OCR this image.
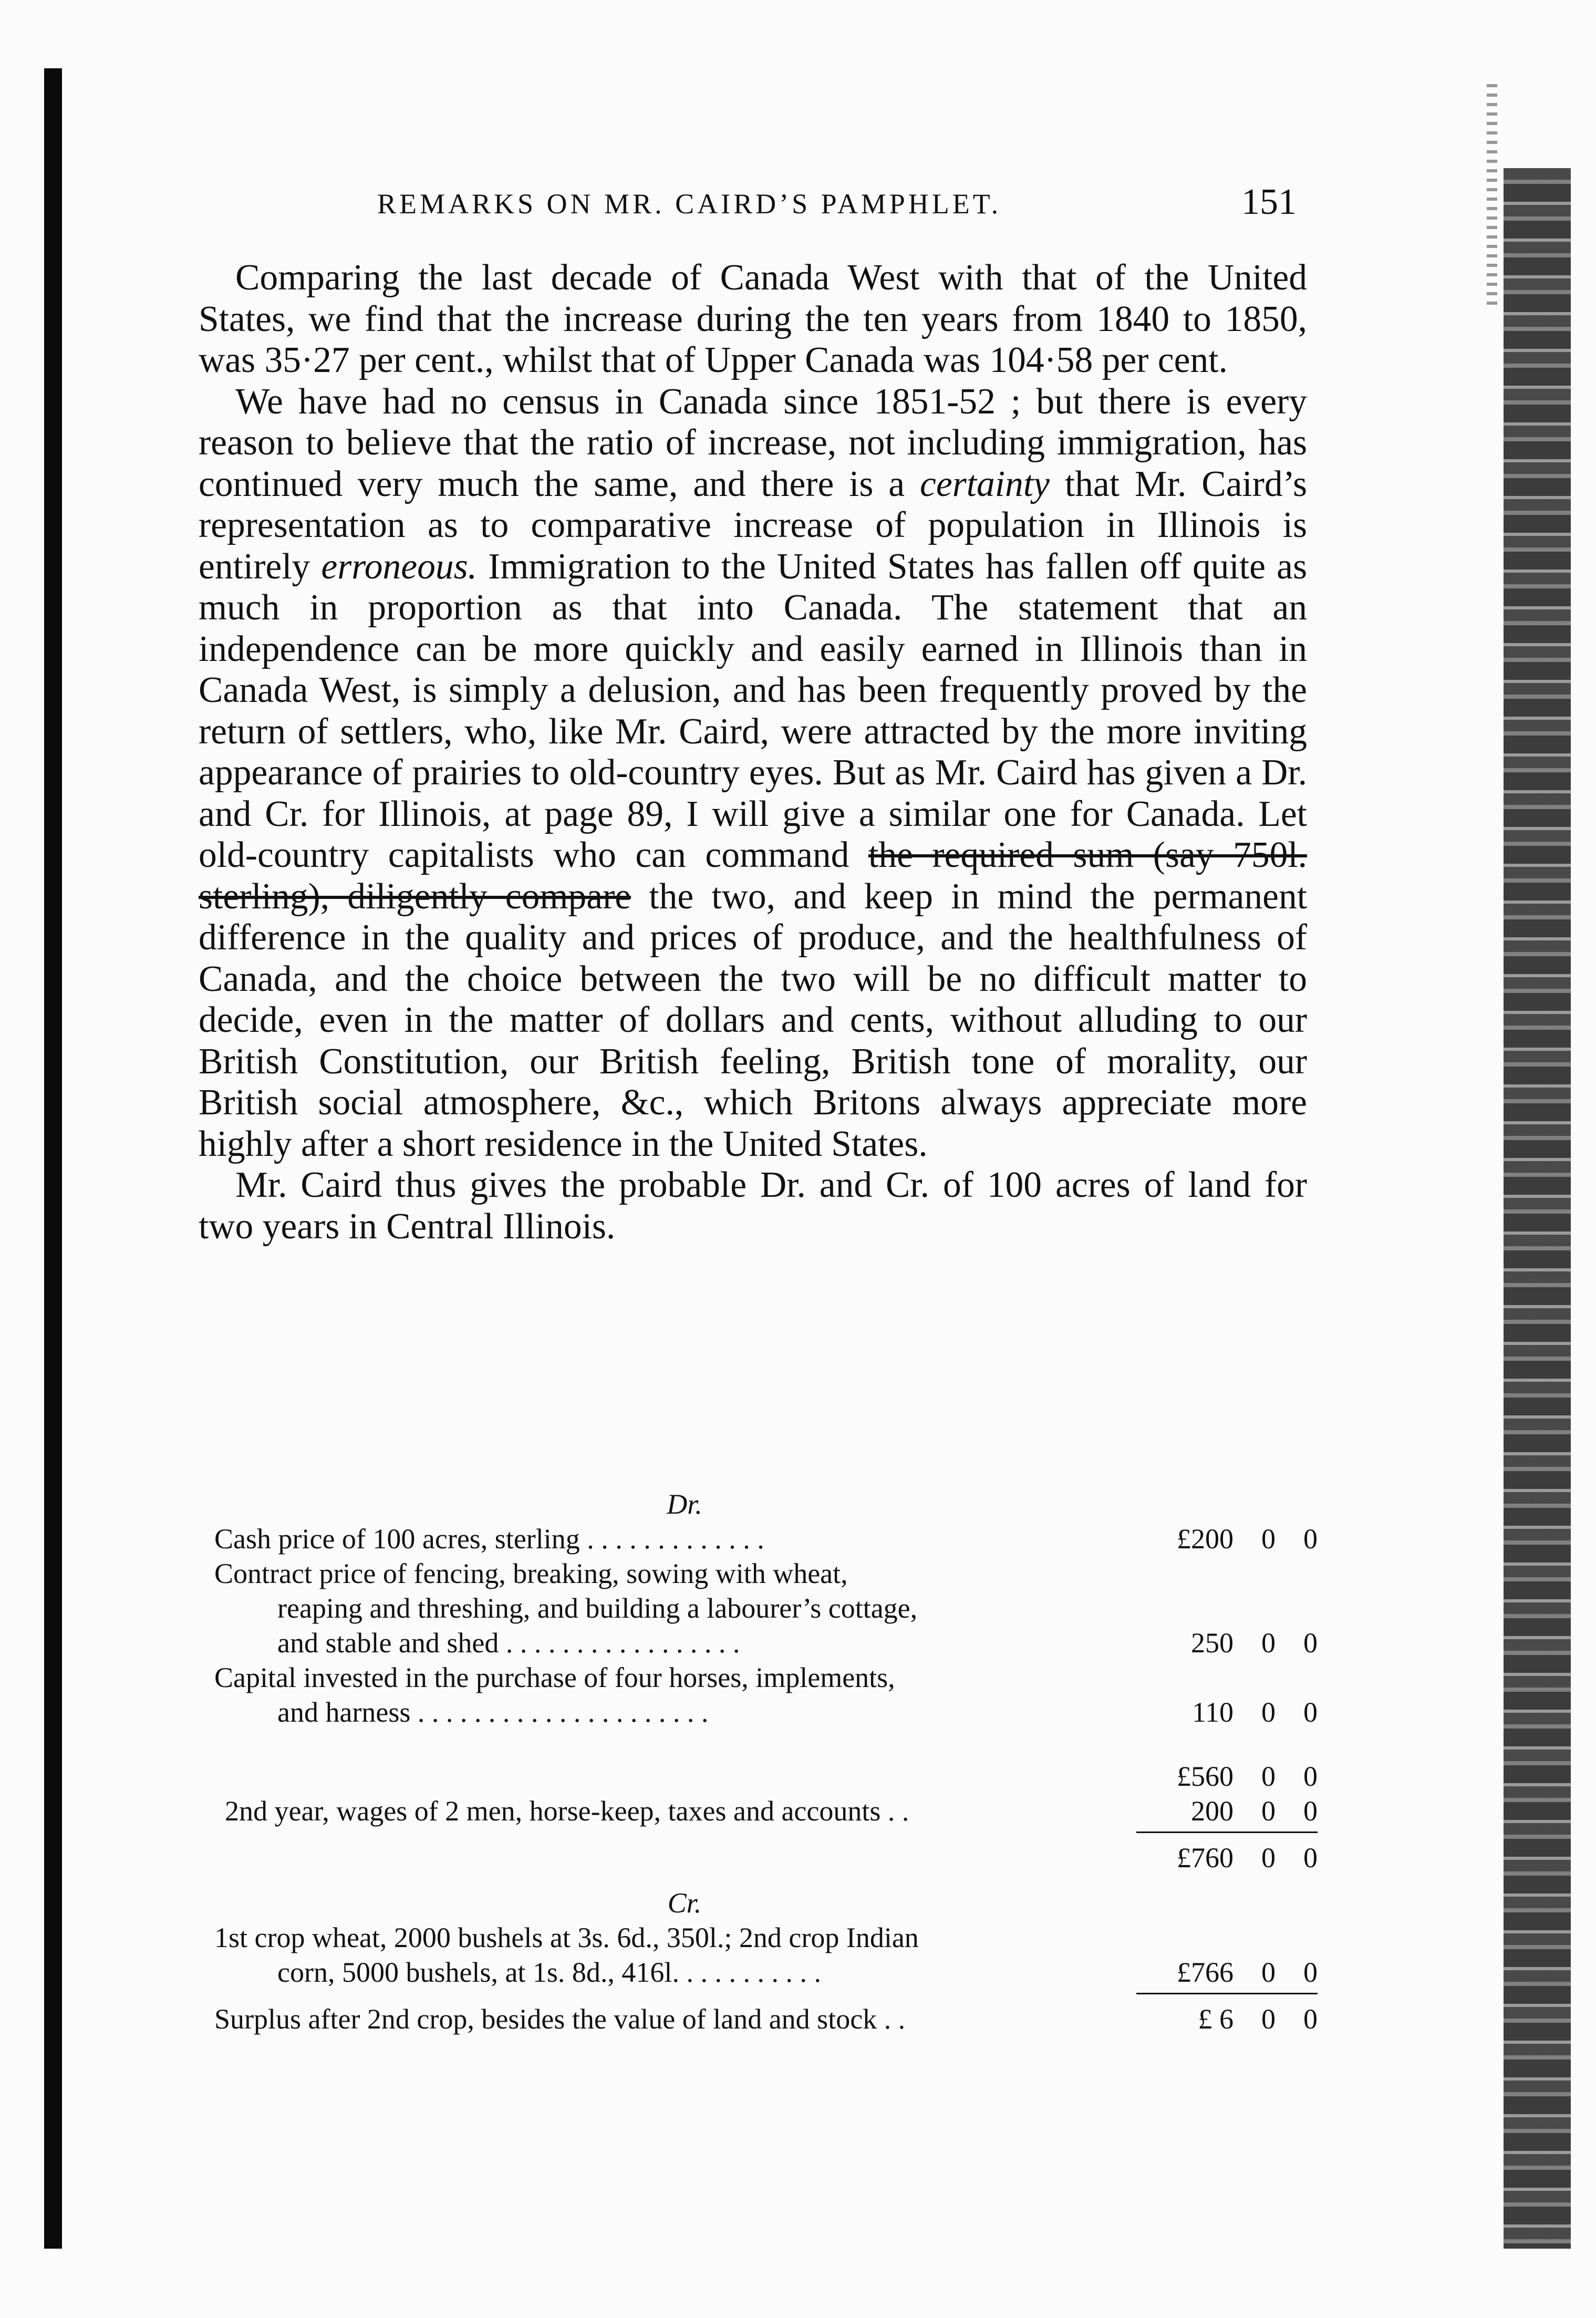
REMARKS ON MR. CAIRD’S PAMPHLET.	151

Comparing the last decade of Canada West with that of the United States, we find that the increase during the ten years from 1840 to 1850, was 35·27 per cent., whilst that of Upper Canada was 104·58 per cent.

We have had no census in Canada since 1851-52 ; but there is every reason to believe that the ratio of increase, not including immigration, has continued very much the same, and there is a certainty that Mr. Caird’s representation as to comparative increase of population in Illinois is entirely erroneous. Immigration to the United States has fallen off quite as much in proportion as that into Canada. The statement that an independence can be more quickly and easily earned in Illinois than in Canada West, is simply a delusion, and has been frequently proved by the return of settlers, who, like Mr. Caird, were attracted by the more inviting appearance of prairies to old-country eyes. But as Mr. Caird has given a Dr. and Cr. for Illinois, at page 89, I will give a similar one for Canada. Let old-country capitalists who can command the required sum (say 750l. sterling), diligently compare the two, and keep in mind the permanent difference in the quality and prices of produce, and the healthfulness of Canada, and the choice between the two will be no difficult matter to decide, even in the matter of dollars and cents, without alluding to our British Constitution, our British feeling, British tone of morality, our British social atmosphere, &c., which Britons always appreciate more highly after a short residence in the United States.

Mr. Caird thus gives the probable Dr. and Cr. of 100 acres of land for two years in Central Illinois.

Dr.
Cash price of 100 acres, sterling . . . . . . . . . . . . .	£200 0 0
Contract price of fencing, breaking, sowing with wheat,
reaping and threshing, and building a labourer’s cottage,
and stable and shed . . . . . . . . . . . . . . . . .	250 0 0
Capital invested in the purchase of four horses, implements,
and harness . . . . . . . . . . . . . . . . . . . . .	110 0 0
£560 0 0
2nd year, wages of 2 men, horse-keep, taxes and accounts . .	200 0 0
£760 0 0
Cr.
1st crop wheat, 2000 bushels at 3s. 6d., 350l.; 2nd crop Indian
corn, 5000 bushels, at 1s. 8d., 416l. . . . . . . . . . .	£766 0 0
Surplus after 2nd crop, besides the value of land and stock . .	£ 6 0 0
